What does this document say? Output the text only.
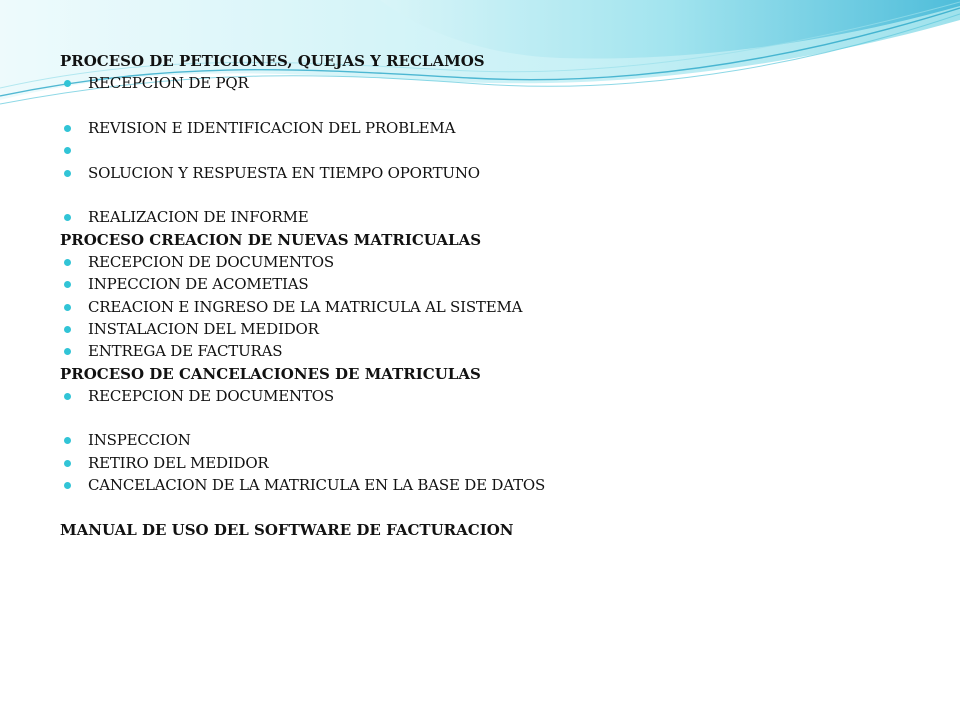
PROCESO DE PETICIONES, QUEJAS Y RECLAMOS

RECEPCION DE PQR
REVISION E IDENTIFICACION DEL PROBLEMA
SOLUCION Y RESPUESTA EN TIEMPO OPORTUNO
REALIZACION DE INFORME

PROCESO CREACION DE NUEVAS MATRICUALAS

RECEPCION DE DOCUMENTOS
INPECCION DE ACOMETIAS
CREACION E INGRESO DE LA MATRICULA AL SISTEMA
INSTALACION DEL MEDIDOR
ENTREGA DE FACTURAS

PROCESO DE CANCELACIONES DE MATRICULAS

RECEPCION DE DOCUMENTOS
INSPECCION
RETIRO DEL MEDIDOR
CANCELACION DE LA MATRICULA EN LA BASE DE DATOS

MANUAL DE USO DEL SOFTWARE DE FACTURACION
